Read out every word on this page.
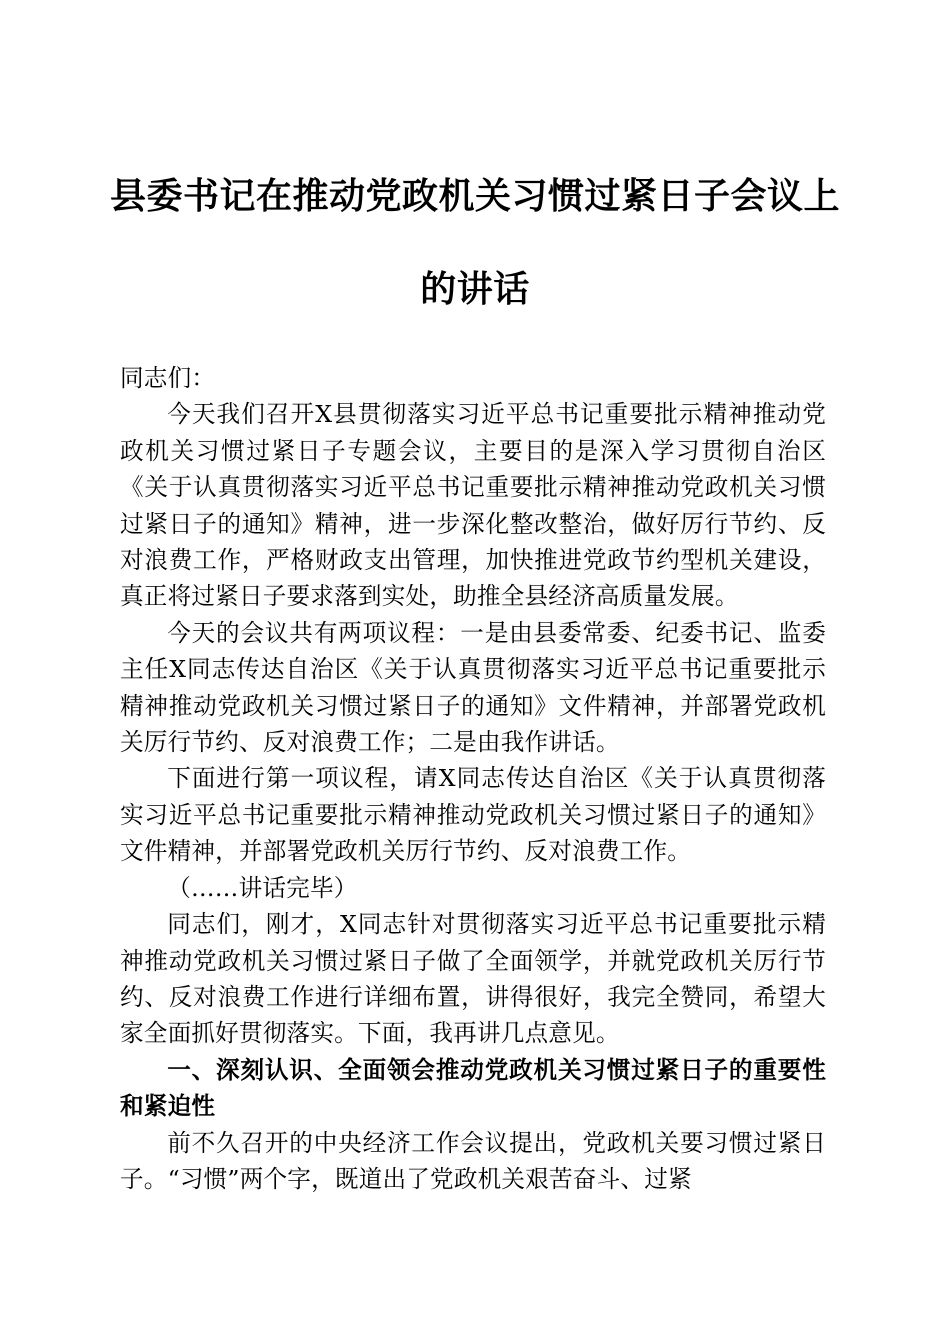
县委书记在推动党政机关习惯过紧日子会议上
的讲话

同志们：

今天我们召开X县贯彻落实习近平总书记重要批示精神推动党政机关习惯过紧日子专题会议，主要目的是深入学习贯彻自治区《关于认真贯彻落实习近平总书记重要批示精神推动党政机关习惯过紧日子的通知》精神，进一步深化整改整治，做好厉行节约、反对浪费工作，严格财政支出管理，加快推进党政节约型机关建设，真正将过紧日子要求落到实处，助推全县经济高质量发展。

今天的会议共有两项议程：一是由县委常委、纪委书记、监委主任X同志传达自治区《关于认真贯彻落实习近平总书记重要批示精神推动党政机关习惯过紧日子的通知》文件精神，并部署党政机关厉行节约、反对浪费工作；二是由我作讲话。

下面进行第一项议程，请X同志传达自治区《关于认真贯彻落实习近平总书记重要批示精神推动党政机关习惯过紧日子的通知》文件精神，并部署党政机关厉行节约、反对浪费工作。

（……讲话完毕）

同志们，刚才，X同志针对贯彻落实习近平总书记重要批示精神推动党政机关习惯过紧日子做了全面领学，并就党政机关厉行节约、反对浪费工作进行详细布置，讲得很好，我完全赞同，希望大家全面抓好贯彻落实。下面，我再讲几点意见。

一、深刻认识、全面领会推动党政机关习惯过紧日子的重要性和紧迫性

前不久召开的中央经济工作会议提出，党政机关要习惯过紧日子。“习惯”两个字，既道出了党政机关艰苦奋斗、过紧
